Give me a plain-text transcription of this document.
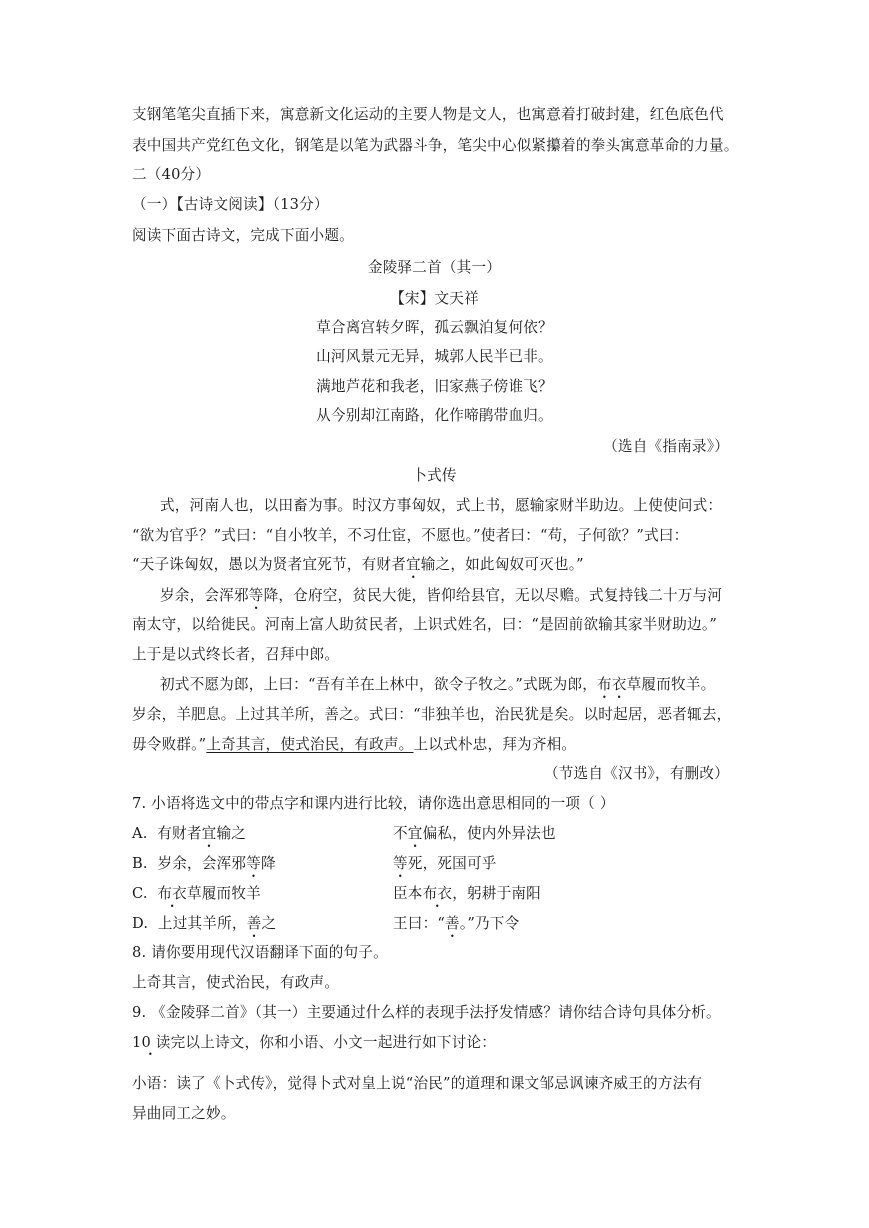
支钢笔笔尖直插下来，寓意新文化运动的主要人物是文人，也寓意着打破封建，红色底色代
表中国共产党红色文化，钢笔是以笔为武器斗争，笔尖中心似紧攥着的拳头寓意革命的力量。
二（40分）
（一）【古诗文阅读】（13分）
阅读下面古诗文，完成下面小题。
金陵驿二首（其一）
【宋】文天祥
草合离宫转夕晖，孤云飘泊复何依？
山河风景元无异，城郭人民半已非。
满地芦花和我老，旧家燕子傍谁飞？
从今别却江南路，化作啼鹃带血归。
（选自《指南录》）
卜式传
式，河南人也，以田畜为事。时汉方事匈奴，式上书，愿输家财半助边。上使使问式：
“欲为官乎？”式曰：“自小牧羊，不习仕宦，不愿也。”使者曰：“苟，子何欲？”式曰：
“天子诛匈奴，愚以为贤者宜死节，有财者宜输之，如此匈奴可灭也。”
岁余，会浑邪等降，仓府空，贫民大徙，皆仰给县官，无以尽赡。式复持钱二十万与河
南太守，以给徙民。河南上富人助贫民者，上识式姓名，曰：“是固前欲输其家半财助边。”
上于是以式终长者，召拜中郎。
初式不愿为郎，上曰：“吾有羊在上林中，欲令子牧之。”式既为郎，布衣草履而牧羊。
岁余，羊肥息。上过其羊所，善之。式曰：“非独羊也，治民犹是矣。以时起居，恶者辄去，
毋令败群。”上奇其言，使式治民，有政声。上以式朴忠，拜为齐相。
（节选自《汉书》，有删改）
7. 小语将选文中的带点字和课内进行比较，请你选出意思相同的一项（ ）
A. 有财者宜输之	不宜偏私，使内外异法也
B. 岁余，会浑邪等降	等死，死国可乎
C. 布衣草履而牧羊	臣本布衣，躬耕于南阳
D. 上过其羊所，善之	王曰：“善。”乃下令
8. 请你要用现代汉语翻译下面的句子。
上奇其言，使式治民，有政声。
9. 《金陵驿二首》（其一）主要通过什么样的表现手法抒发情感？请你结合诗句具体分析。
10 读完以上诗文，你和小语、小文一起进行如下讨论：
•
小语：读了《卜式传》，觉得卜式对皇上说“治民”的道理和课文邹忌讽谏齐威王的方法有
异曲同工之妙。
